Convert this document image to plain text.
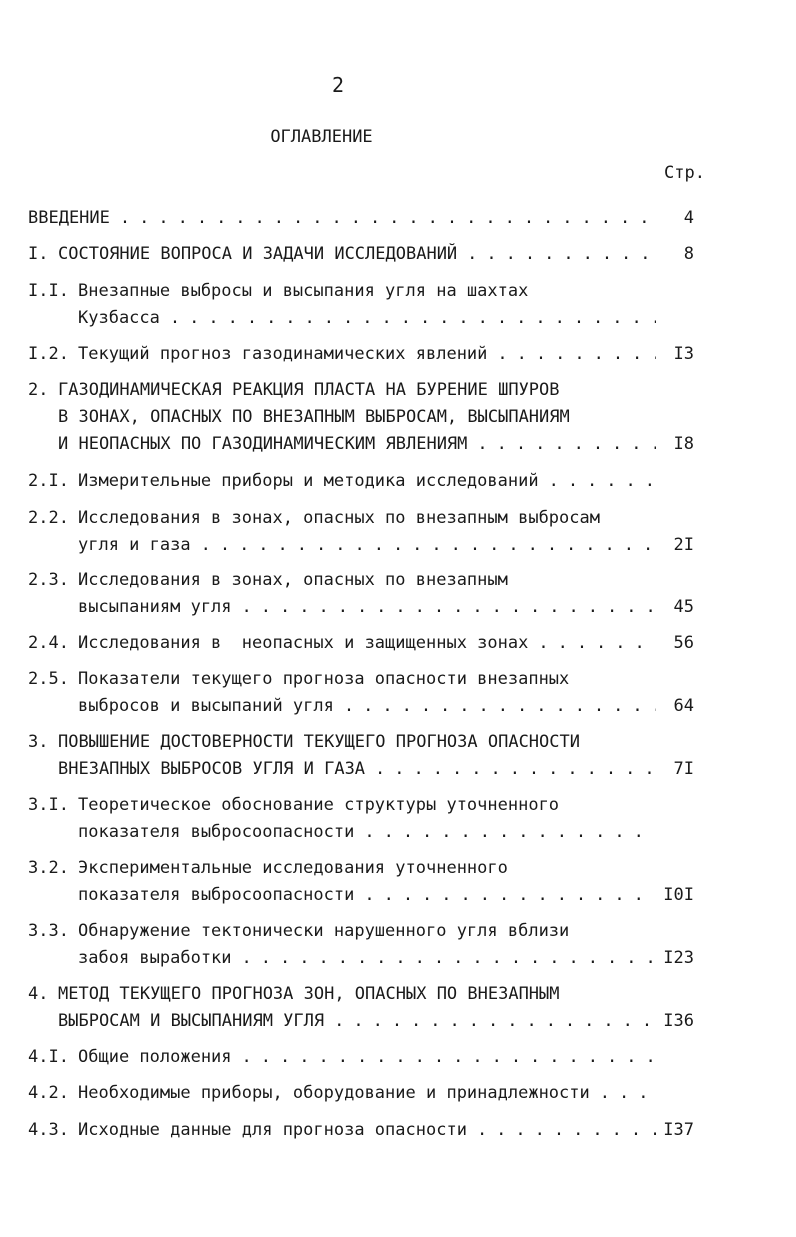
2
ОГЛАВЛЕНИЕ
Стр.
ВВЕДЕНИЕ .....	4
I. СОСТОЯНИЕ ВОПРОСА И ЗАДАЧИ ИССЛЕДОВАНИЙ .....	8
I.I. Внезапные выбросы и высыпания угля на шахтах
Кузбасса
.....
I.2. Текущий прогноз газодинамических явлений .....	I3
2. ГАЗОДИНАМИЧЕСКАЯ РЕАКЦИЯ ПЛАСТА НА БУРЕНИЕ ШПУРОВ
В ЗОНАХ, ОПАСНЫХ ПО ВНЕЗАПНЫМ ВЫБРОСАМ, ВЫСЫПАНИЯМ
И НЕОПАСНЫХ ПО ГАЗОДИНАМИЧЕСКИМ ЯВЛЕНИЯМ .....	I8
2.I. Измерительные приборы и методика исследований
.....
2.2. Исследования в зонах, опасных по внезапным выбросам
угля и газа .....	2I
2.3. Исследования в зонах, опасных по внезапным
высыпаниям угля .....	45
2.4. Исследования в  неопасных и защищенных зонах .....	56
2.5. Показатели текущего прогноза опасности внезапных
выбросов и высыпаний угля .....	64
3. ПОВЫШЕНИЕ ДОСТОВЕРНОСТИ ТЕКУЩЕГО ПРОГНОЗА ОПАСНОСТИ
ВНЕЗАПНЫХ ВЫБРОСОВ УГЛЯ И ГАЗА .....	7I
3.I. Теоретическое обоснование структуры уточненного
показателя выбросоопасности
.....
3.2. Экспериментальные исследования уточненного
показателя выбросоопасности .....	I0I
3.3. Обнаружение тектонически нарушенного угля вблизи
забоя выработки .....	I23
4. МЕТОД ТЕКУЩЕГО ПРОГНОЗА ЗОН, ОПАСНЫХ ПО ВНЕЗАПНЫМ
ВЫБРОСАМ И ВЫСЫПАНИЯМ УГЛЯ .....	I36
4.I. Общие положения
.....
4.2. Необходимые приборы, оборудование и принадлежности
.....
4.3. Исходные данные для прогноза опасности .....	I37
